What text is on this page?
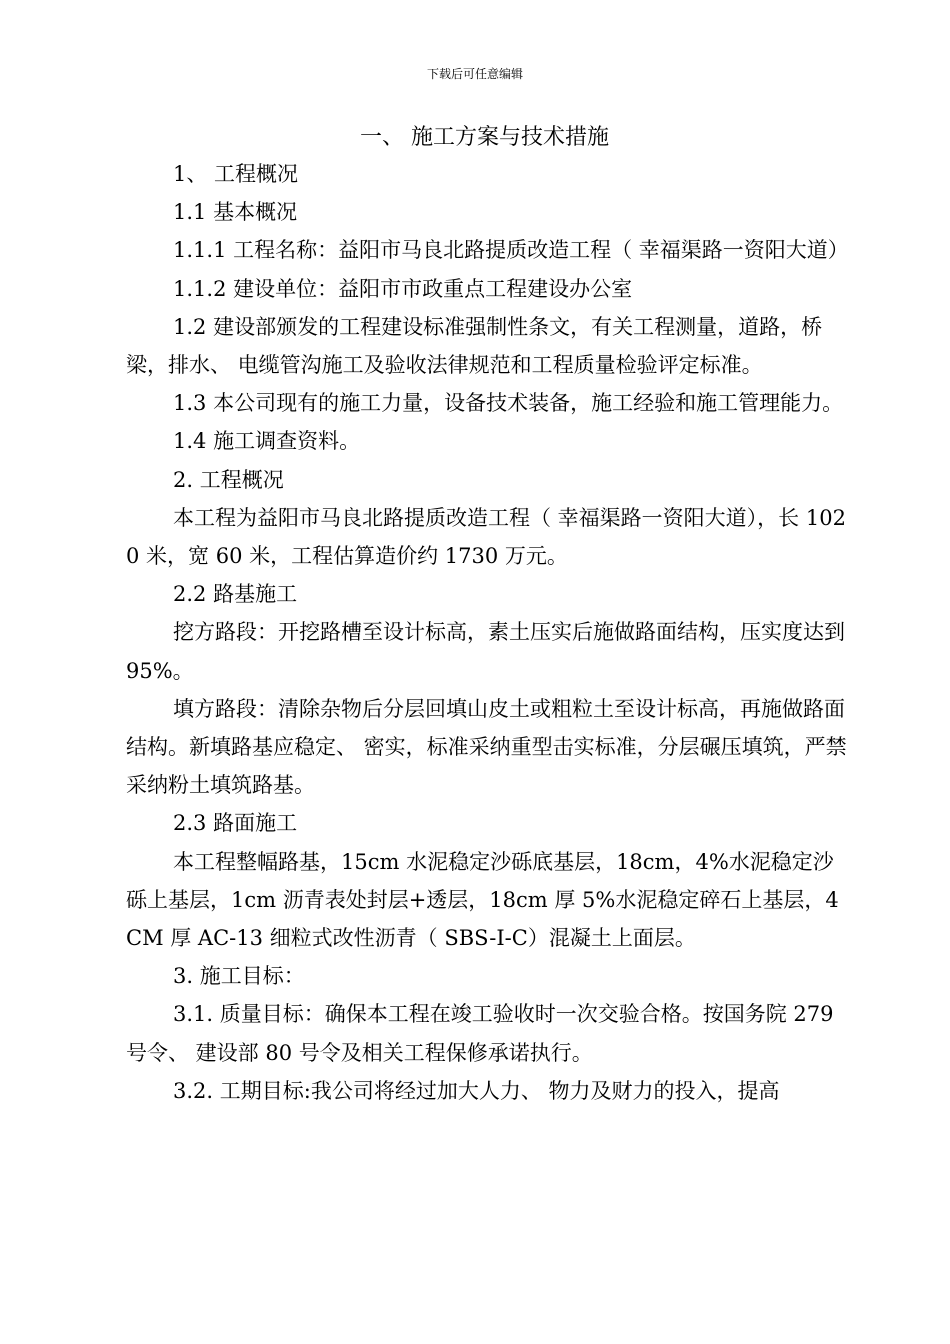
下载后可任意编辑
一、 施工方案与技术措施

1、 工程概况

1.1 基本概况

1.1.1 工程名称：益阳市马良北路提质改造工程（ 幸福渠路一资阳大道）

1.1.2 建设单位：益阳市市政重点工程建设办公室

1.2 建设部颁发的工程建设标准强制性条文，有关工程测量，道路，桥梁，排水、 电缆管沟施工及验收法律规范和工程质量检验评定标准。

1.3 本公司现有的施工力量，设备技术装备，施工经验和施工管理能力。

1.4 施工调查资料。

2. 工程概况

本工程为益阳市马良北路提质改造工程（ 幸福渠路一资阳大道），长 1020 米，宽 60 米，工程估算造价约 1730 万元。

2.2 路基施工

挖方路段：开挖路槽至设计标高，素土压实后施做路面结构，压实度达到 95%。

填方路段：清除杂物后分层回填山皮土或粗粒土至设计标高，再施做路面结构。新填路基应稳定、 密实，标准采纳重型击实标准，分层碾压填筑，严禁采纳粉土填筑路基。

2.3 路面施工

本工程整幅路基，15cm 水泥稳定沙砾底基层，18cm，4%水泥稳定沙砾上基层，1cm 沥青表处封层+透层，18cm 厚 5%水泥稳定碎石上基层，4CM 厚 AC-13 细粒式改性沥青（ SBS-I-C）混凝土上面层。

3. 施工目标：

3.1. 质量目标：确保本工程在竣工验收时一次交验合格。按国务院 279 号令、 建设部 80 号令及相关工程保修承诺执行。

3.2. 工期目标:我公司将经过加大人力、 物力及财力的投入，提高
